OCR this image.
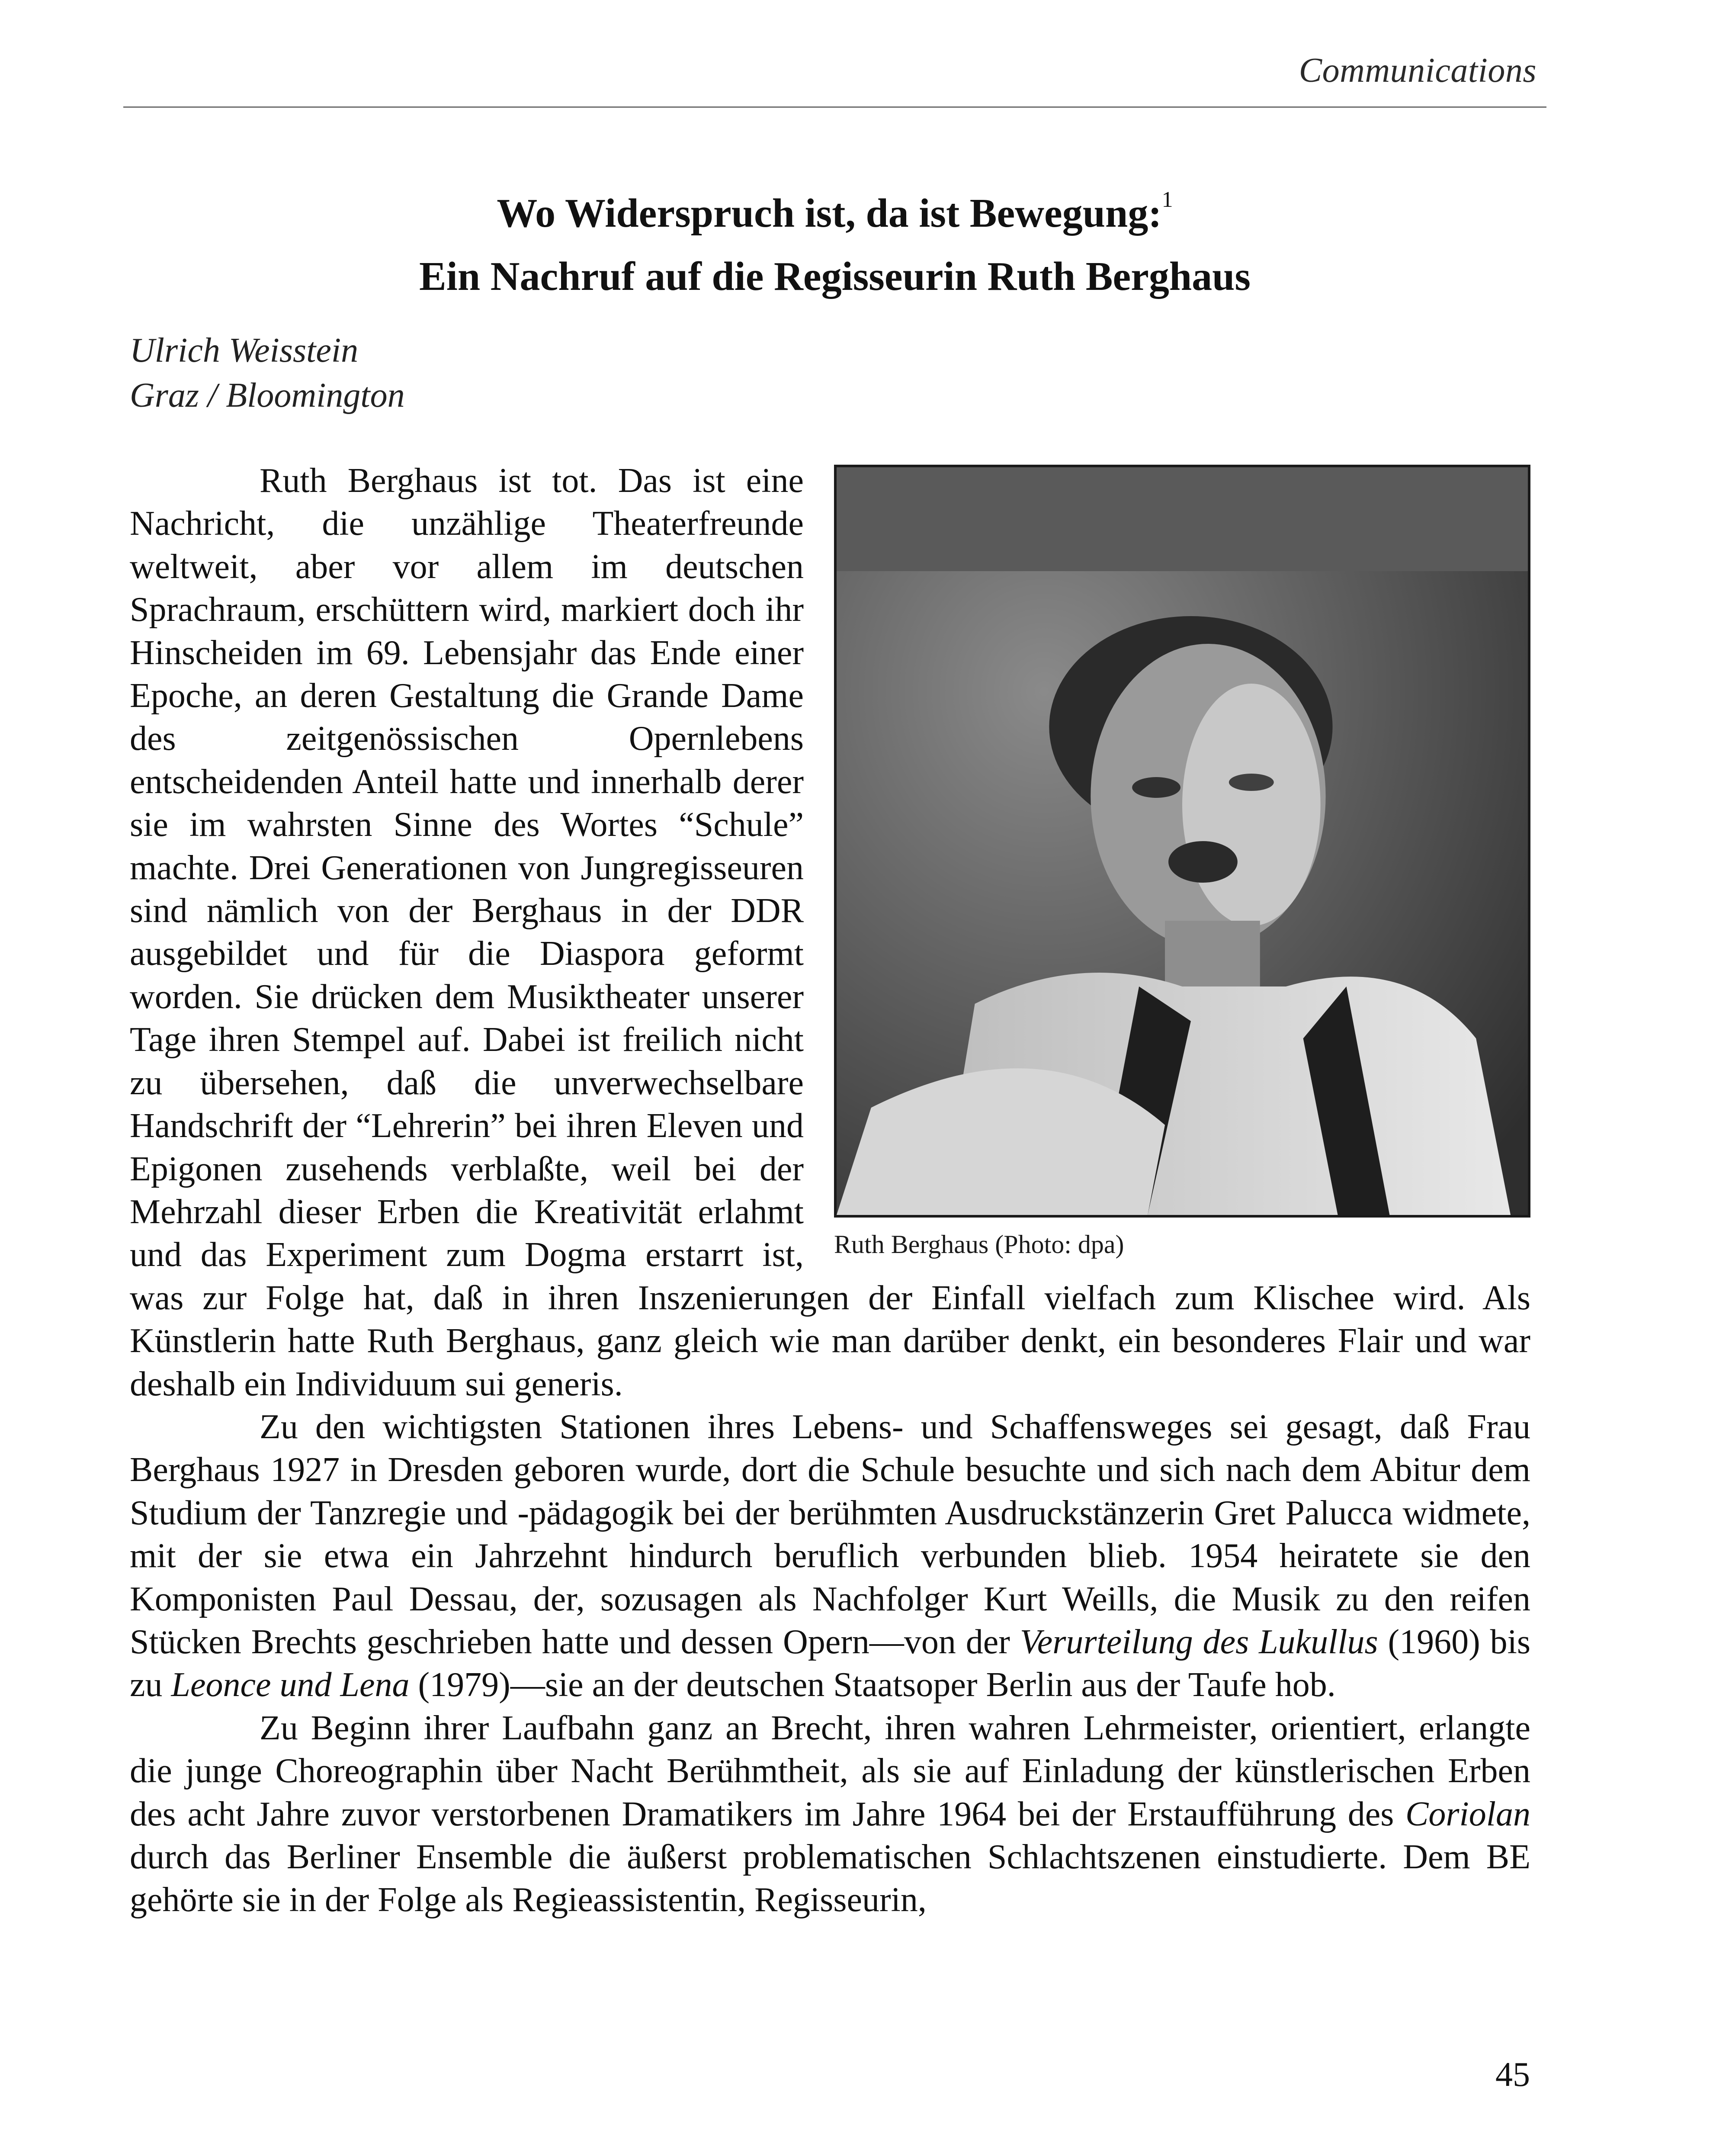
Communications
Wo Widerspruch ist, da ist Bewegung:$^1$
Ein Nachruf auf die Regisseurin Ruth Berghaus
Ulrich Weisstein
Graz / Bloomington
Ruth Berghaus (Photo: dpa)

Ruth Berghaus ist tot. Das ist eine Nachricht, die unzählige Theaterfreunde weltweit, aber vor allem im deutschen Sprachraum, erschüttern wird, markiert doch ihr Hinscheiden im 69. Lebensjahr das Ende einer Epoche, an deren Gestaltung die Grande Dame des zeitgenössischen Opernlebens entscheidenden Anteil hatte und innerhalb derer sie im wahrsten Sinne des Wortes “Schule” machte. Drei Generationen von Jungregisseuren sind nämlich von der Berghaus in der DDR ausgebildet und für die Diaspora geformt worden. Sie drücken dem Musiktheater unserer Tage ihren Stempel auf. Dabei ist freilich nicht zu übersehen, daß die unverwechselbare Handschrift der “Lehrerin” bei ihren Eleven und Epigonen zusehends verblaßte, weil bei der Mehrzahl dieser Erben die Kreativität erlahmt und das Experiment zum Dogma erstarrt ist, was zur Folge hat, daß in ihren Inszenierungen der Einfall vielfach zum Klischee wird. Als Künstlerin hatte Ruth Berghaus, ganz gleich wie man darüber denkt, ein besonderes Flair und war deshalb ein Individuum sui generis.

Zu den wichtigsten Stationen ihres Lebens- und Schaffensweges sei gesagt, daß Frau Berghaus 1927 in Dresden geboren wurde, dort die Schule besuchte und sich nach dem Abitur dem Studium der Tanzregie und -pädagogik bei der berühmten Ausdruckstänzerin Gret Palucca widmete, mit der sie etwa ein Jahrzehnt hindurch beruflich verbunden blieb. 1954 heiratete sie den Komponisten Paul Dessau, der, sozusagen als Nachfolger Kurt Weills, die Musik zu den reifen Stücken Brechts geschrieben hatte und dessen Opern—von der Verurteilung des Lukullus (1960) bis zu Leonce und Lena (1979)—sie an der deutschen Staatsoper Berlin aus der Taufe hob.

Zu Beginn ihrer Laufbahn ganz an Brecht, ihren wahren Lehrmeister, orientiert, erlangte die junge Choreographin über Nacht Berühmtheit, als sie auf Einladung der künstlerischen Erben des acht Jahre zuvor verstorbenen Dramatikers im Jahre 1964 bei der Erstaufführung des Coriolan durch das Berliner Ensemble die äußerst problematischen Schlachtszenen einstudierte. Dem BE gehörte sie in der Folge als Regieassistentin, Regisseurin,

45
